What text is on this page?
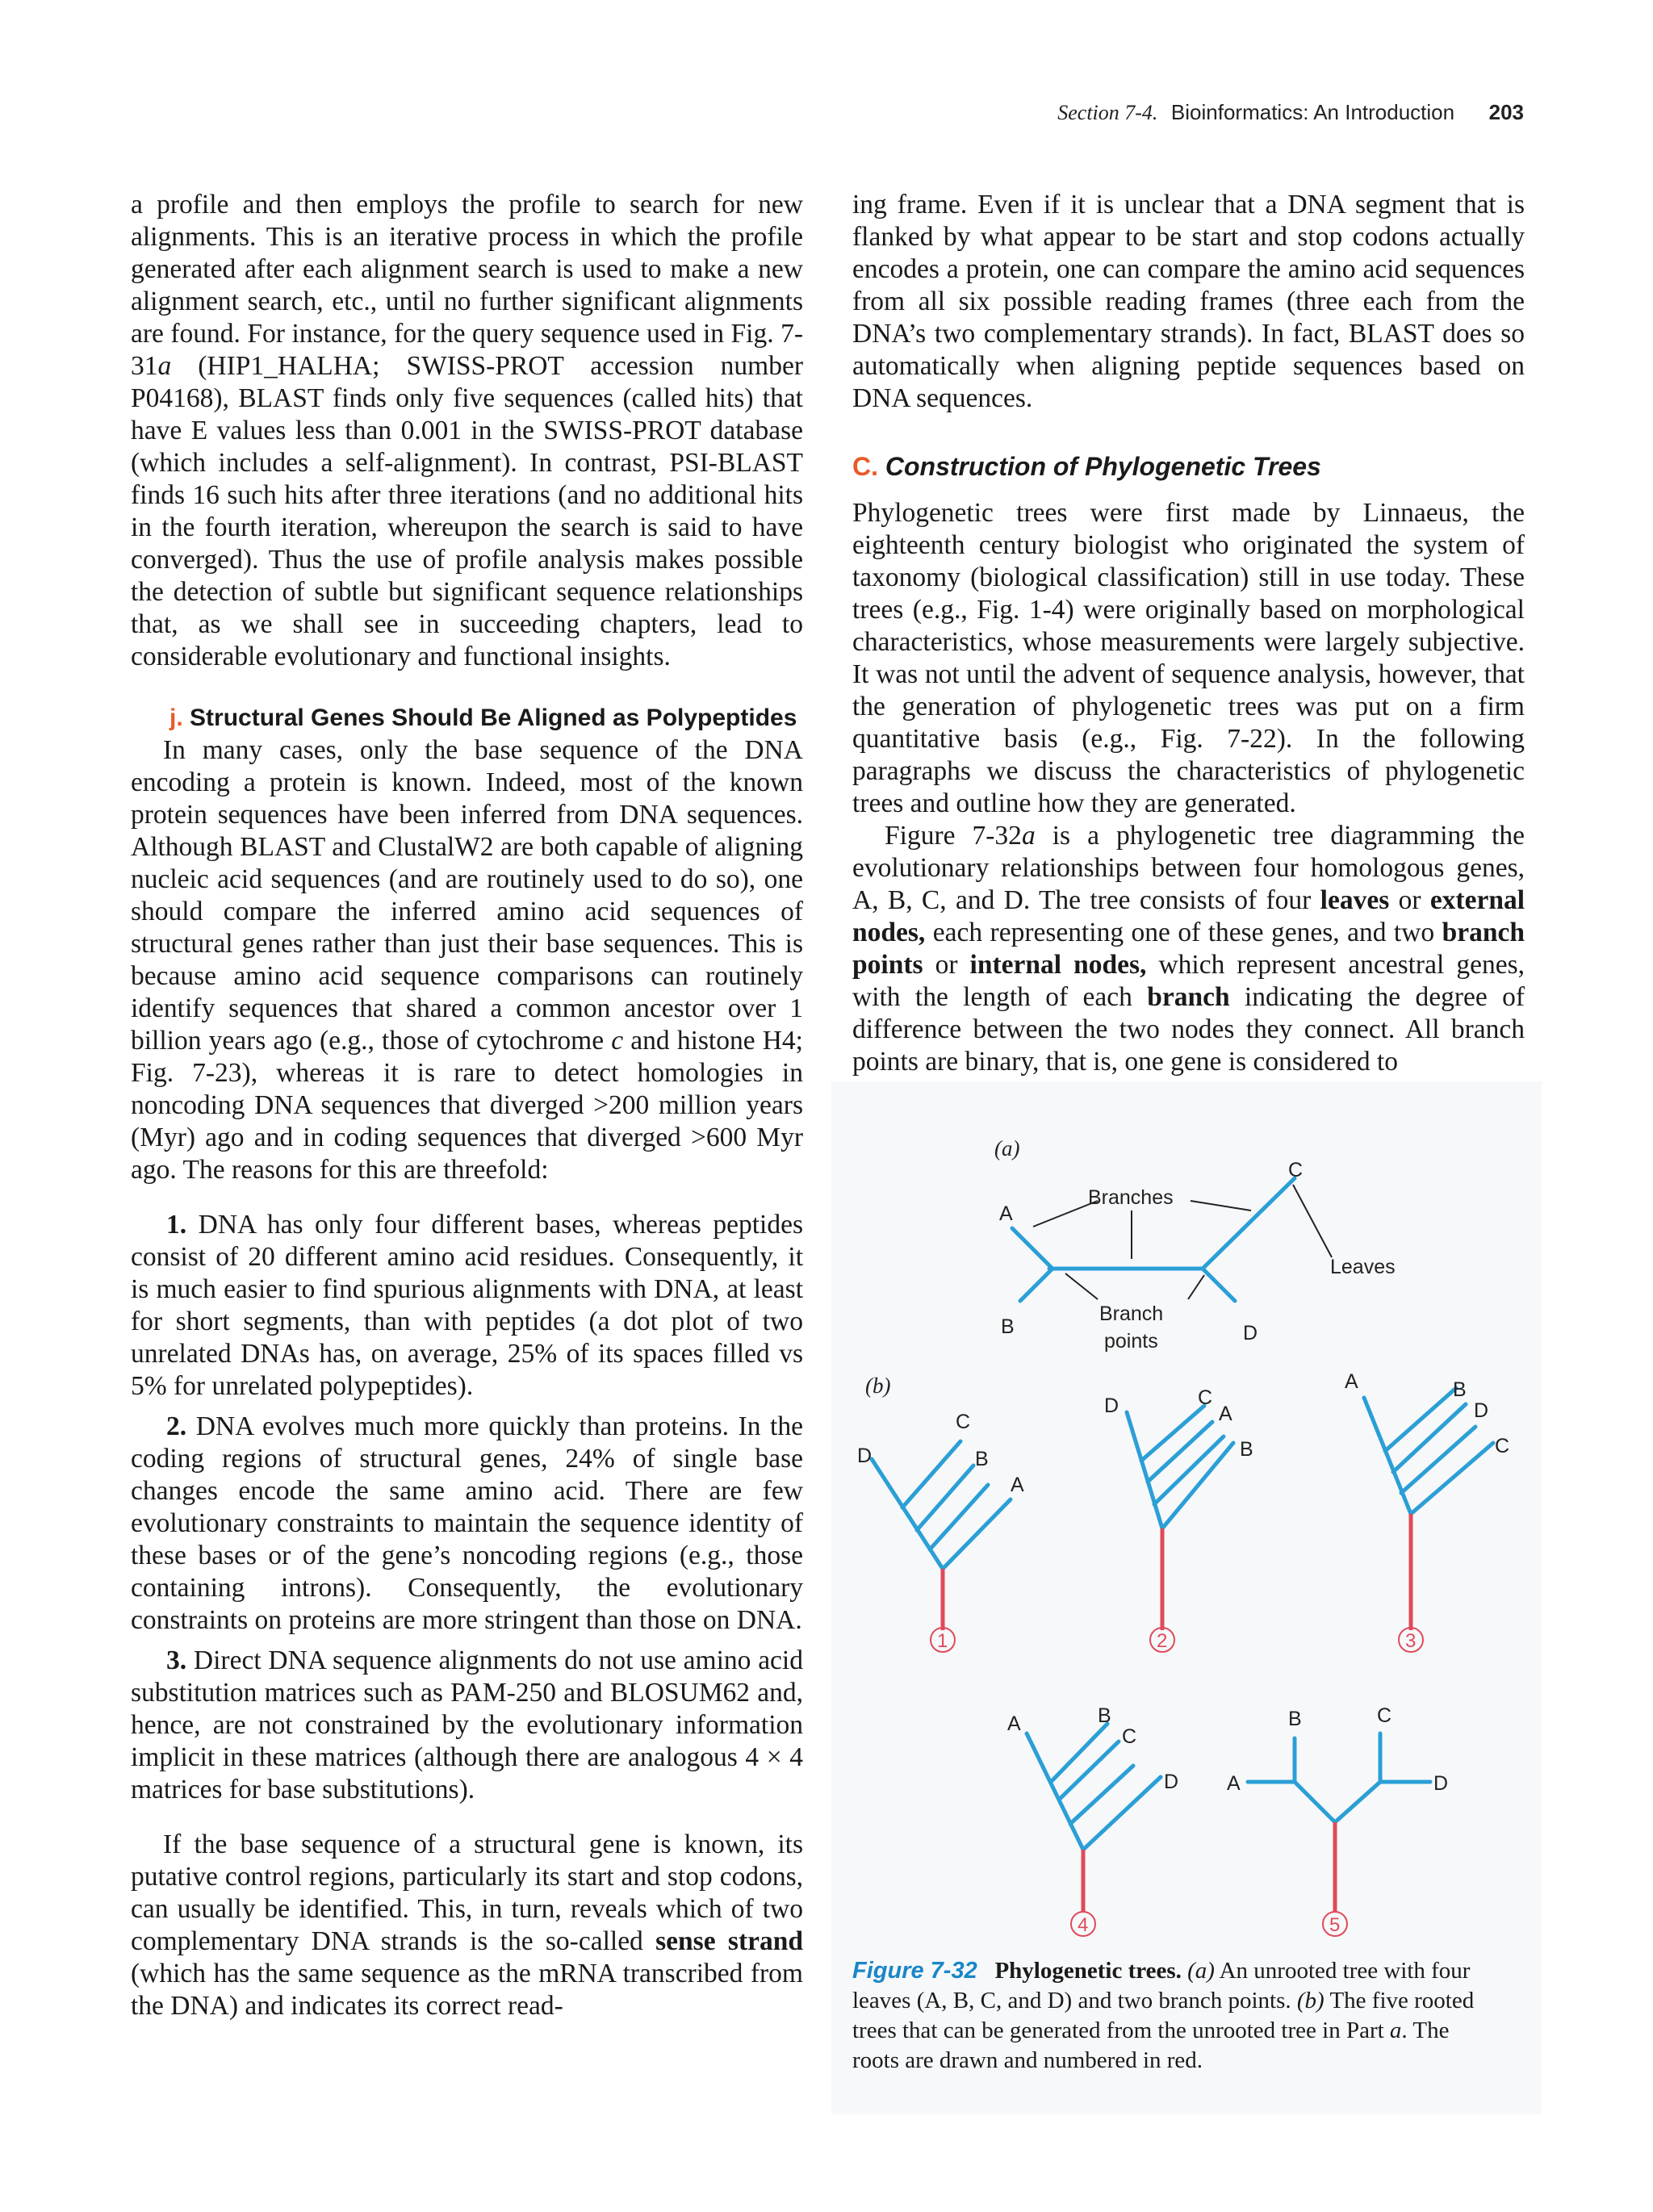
Section 7-4. Bioinformatics: An Introduction 203

a profile and then employs the profile to search for new alignments. This is an iterative process in which the profile generated after each alignment search is used to make a new alignment search, etc., until no further significant alignments are found. For instance, for the query sequence used in Fig. 7-31a (HIP1_HALHA; SWISS-PROT accession number P04168), BLAST finds only five sequences (called hits) that have E values less than 0.001 in the SWISS-PROT database (which includes a self-alignment). In contrast, PSI-BLAST finds 16 such hits after three iterations (and no additional hits in the fourth iteration, whereupon the search is said to have converged). Thus the use of profile analysis makes possible the detection of subtle but significant sequence relationships that, as we shall see in succeeding chapters, lead to considerable evolutionary and functional insights.

j. Structural Genes Should Be Aligned as Polypeptides

In many cases, only the base sequence of the DNA encoding a protein is known. Indeed, most of the known protein sequences have been inferred from DNA sequences. Although BLAST and ClustalW2 are both capable of aligning nucleic acid sequences (and are routinely used to do so), one should compare the inferred amino acid sequences of structural genes rather than just their base sequences. This is because amino acid sequence comparisons can routinely identify sequences that shared a common ancestor over 1 billion years ago (e.g., those of cytochrome c and histone H4; Fig. 7-23), whereas it is rare to detect homologies in noncoding DNA sequences that diverged >200 million years (Myr) ago and in coding sequences that diverged >600 Myr ago. The reasons for this are threefold:

1. DNA has only four different bases, whereas peptides consist of 20 different amino acid residues. Consequently, it is much easier to find spurious alignments with DNA, at least for short segments, than with peptides (a dot plot of two unrelated DNAs has, on average, 25% of its spaces filled vs 5% for unrelated polypeptides).

2. DNA evolves much more quickly than proteins. In the coding regions of structural genes, 24% of single base changes encode the same amino acid. There are few evolutionary constraints to maintain the sequence identity of these bases or of the gene’s noncoding regions (e.g., those containing introns). Consequently, the evolutionary constraints on proteins are more stringent than those on DNA.

3. Direct DNA sequence alignments do not use amino acid substitution matrices such as PAM-250 and BLOSUM62 and, hence, are not constrained by the evolutionary information implicit in these matrices (although there are analogous 4 × 4 matrices for base substitutions).

If the base sequence of a structural gene is known, its putative control regions, particularly its start and stop codons, can usually be identified. This, in turn, reveals which of two complementary DNA strands is the so-called sense strand (which has the same sequence as the mRNA transcribed from the DNA) and indicates its correct read-

ing frame. Even if it is unclear that a DNA segment that is flanked by what appear to be start and stop codons actually encodes a protein, one can compare the amino acid sequences from all six possible reading frames (three each from the DNA’s two complementary strands). In fact, BLAST does so automatically when aligning peptide sequences based on DNA sequences.

C. Construction of Phylogenetic Trees

Phylogenetic trees were first made by Linnaeus, the eighteenth century biologist who originated the system of taxonomy (biological classification) still in use today. These trees (e.g., Fig. 1-4) were originally based on morphological characteristics, whose measurements were largely subjective. It was not until the advent of sequence analysis, however, that the generation of phylogenetic trees was put on a firm quantitative basis (e.g., Fig. 7-22). In the following paragraphs we discuss the characteristics of phylogenetic trees and outline how they are generated.

Figure 7-32a is a phylogenetic tree diagramming the evolutionary relationships between four homologous genes, A, B, C, and D. The tree consists of four leaves or external nodes, each representing one of these genes, and two branch points or internal nodes, which represent ancestral genes, with the length of each branch indicating the degree of difference between the two nodes they connect. All branch points are binary, that is, one gene is considered to

(a)
A
B
C
D
Branches
Leaves
Branch
points
(b)
1
D
C
B
A
2
D	C
A
B
3
A	B
D
C
4
A	B
C
D
5
A
B	C
D
Figure 7-32 Phylogenetic trees. (a) An unrooted tree with four leaves (A, B, C, and D) and two branch points. (b) The five rooted trees that can be generated from the unrooted tree in Part a. The roots are drawn and numbered in red.
